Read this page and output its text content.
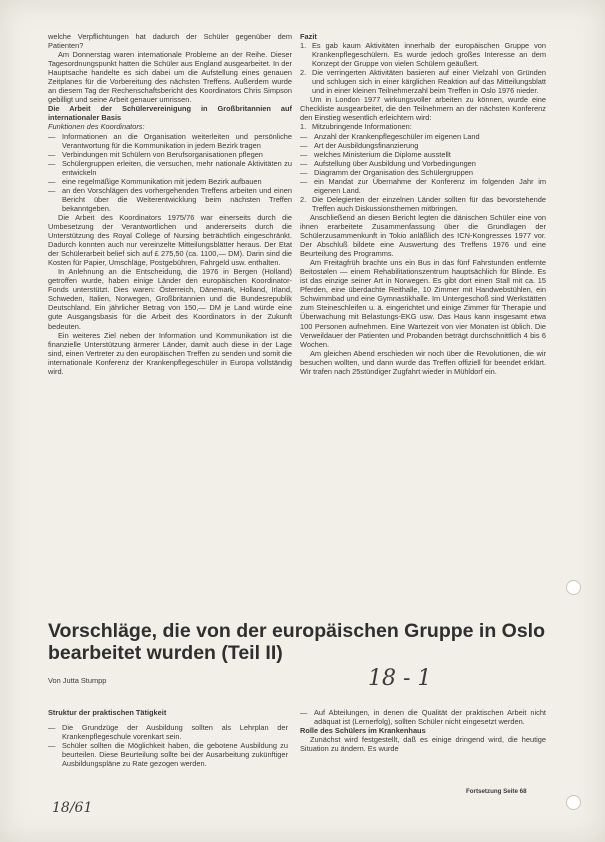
welche Verpflichtungen hat dadurch der Schüler gegenüber dem Patienten?

Am Donnerstag waren internationale Probleme an der Reihe. Dieser Tagesordnungspunkt hatten die Schüler aus England ausgearbeitet. In der Hauptsache handelte es sich dabei um die Aufstellung eines genauen Zeitplanes für die Vorbereitung des nächsten Treffens. Außerdem wurde an diesem Tag der Rechenschaftsbericht des Koordinators Chris Simpson gebilligt und seine Arbeit genauer umrissen.

Die Arbeit der Schülervereinigung in Großbritannien auf internationaler Basis

Funktionen des Koordinators:

— Informationen an die Organisation weiterleiten und persönliche Verantwortung für die Kommunikation in jedem Bezirk tragen
— Verbindungen mit Schülern von Berufsorganisationen pflegen
— Schülergruppen erleiten, die versuchen, mehr nationale Aktivitäten zu entwickeln
— eine regelmäßige Kommunikation mit jedem Bezirk aufbauen
— an den Vorschlägen des vorhergehenden Treffens arbeiten und einen Bericht über die Weiterentwicklung beim nächsten Treffen bekanntgeben.

Die Arbeit des Koordinators 1975/76 war einerseits durch die Umbesetzung der Verantwortlichen und andererseits durch die Unterstützung des Royal College of Nursing beträchtlich eingeschränkt. Dadurch konnten auch nur vereinzelte Mitteilungsblätter heraus. Der Etat der Schülerarbeit belief sich auf £ 275,50 (ca. 1100,— DM). Darin sind die Kosten für Papier, Umschläge, Postgebühren, Fahrgeld usw. enthalten.

In Anlehnung an die Entscheidung, die 1976 in Bergen (Holland) getroffen wurde, haben einige Länder den europäischen Koordinator-Fonds unterstützt. Dies waren: Österreich, Dänemark, Holland, Irland, Schweden, Italien, Norwegen, Großbritannien und die Bundesrepublik Deutschland. Ein jährlicher Betrag von 150,— DM je Land würde eine gute Ausgangsbasis für die Arbeit des Koordinators in der Zukunft bedeuten.

Ein weiteres Ziel neben der Information und Kommunikation ist die finanzielle Unterstützung ärmerer Länder, damit auch diese in der Lage sind, einen Vertreter zu den europäischen Treffen zu senden und somit die internationale Konferenz der Krankenpflegeschüler in Europa vollständig wird.

Fazit

1. Es gab kaum Aktivitäten innerhalb der europäischen Gruppe von Krankenpflegeschülern. Es wurde jedoch großes Interesse an dem Konzept der Gruppe von vielen Schülern geäußert.
2. Die verringerten Aktivitäten basieren auf einer Vielzahl von Gründen und schlugen sich in einer kärglichen Reaktion auf das Mitteilungsblatt und in einer kleinen Teilnehmerzahl beim Treffen in Oslo 1976 nieder.

Um in London 1977 wirkungsvoller arbeiten zu können, wurde eine Checkliste ausgearbeitet, die den Teilnehmern an der nächsten Konferenz den Einstieg wesentlich erleichtern wird:

1. Mitzubringende Informationen:
— Anzahl der Krankenpflegeschüler im eigenen Land
— Art der Ausbildungsfinanzierung
— welches Ministerium die Diplome ausstellt
— Aufstellung über Ausbildung und Vorbedingungen
— Diagramm der Organisation des Schülergruppen
— ein Mandat zur Übernahme der Konferenz im folgenden Jahr im eigenen Land.
2. Die Delegierten der einzelnen Länder sollten für das bevorstehende Treffen auch Diskussionsthemen mitbringen.

Anschließend an diesen Bericht legten die dänischen Schüler eine von ihnen erarbeitete Zusammenfassung über die Grundlagen der Schülerzusammenkunft in Tokio anläßlich des ICN-Kongresses 1977 vor. Der Abschluß bildete eine Auswertung des Treffens 1976 und eine Beurteilung des Programms.

Am Freitagfrüh brachte uns ein Bus in das fünf Fahrstunden entfernte Beitostølen — einem Rehabilitationszentrum hauptsächlich für Blinde. Es ist das einzige seiner Art in Norwegen. Es gibt dort einen Stall mit ca. 15 Pferden, eine überdachte Reithalle, 10 Zimmer mit Handwebstühlen, ein Schwimmbad und eine Gymnastikhalle. Im Untergeschoß sind Werkstätten zum Steineschleifen u. ä. eingerichtet und einige Zimmer für Therapie und Überwachung mit Belastungs-EKG usw. Das Haus kann insgesamt etwa 100 Personen aufnehmen. Eine Wartezeit von vier Monaten ist üblich. Die Verweildauer der Patienten und Probanden beträgt durchschnittlich 4 bis 6 Wochen.

Am gleichen Abend erschieden wir noch über die Revolutionen, die wir besuchen wollten, und dann wurde das Treffen offiziell für beendet erklärt. Wir trafen nach 25stündiger Zugfahrt wieder in Mühldorf ein.

Vorschläge, die von der europäischen Gruppe in Oslo bearbeitet wurden (Teil II)
Von Jutta Stumpp	18 - 1

Struktur der praktischen Tätigkeit

— Die Grundzüge der Ausbildung sollten als Lehrplan der Krankenpflegeschule vorenkart sein.
— Schüler sollten die Möglichkeit haben, die gebotene Ausbildung zu beurteilen. Diese Beurteilung sollte bei der Ausarbeitung zukünftiger Ausbildungspläne zu Rate gezogen werden.
— Auf Abteilungen, in denen die Qualität der praktischen Arbeit nicht adäquat ist (Lernerfolg), sollten Schüler nicht eingesetzt werden.

Rolle des Schülers im Krankenhaus

Zunächst wird festgestellt, daß es einige dringend wird, die heutige Situation zu ändern. Es wurde

Fortsetzung Seite 68
18/61
